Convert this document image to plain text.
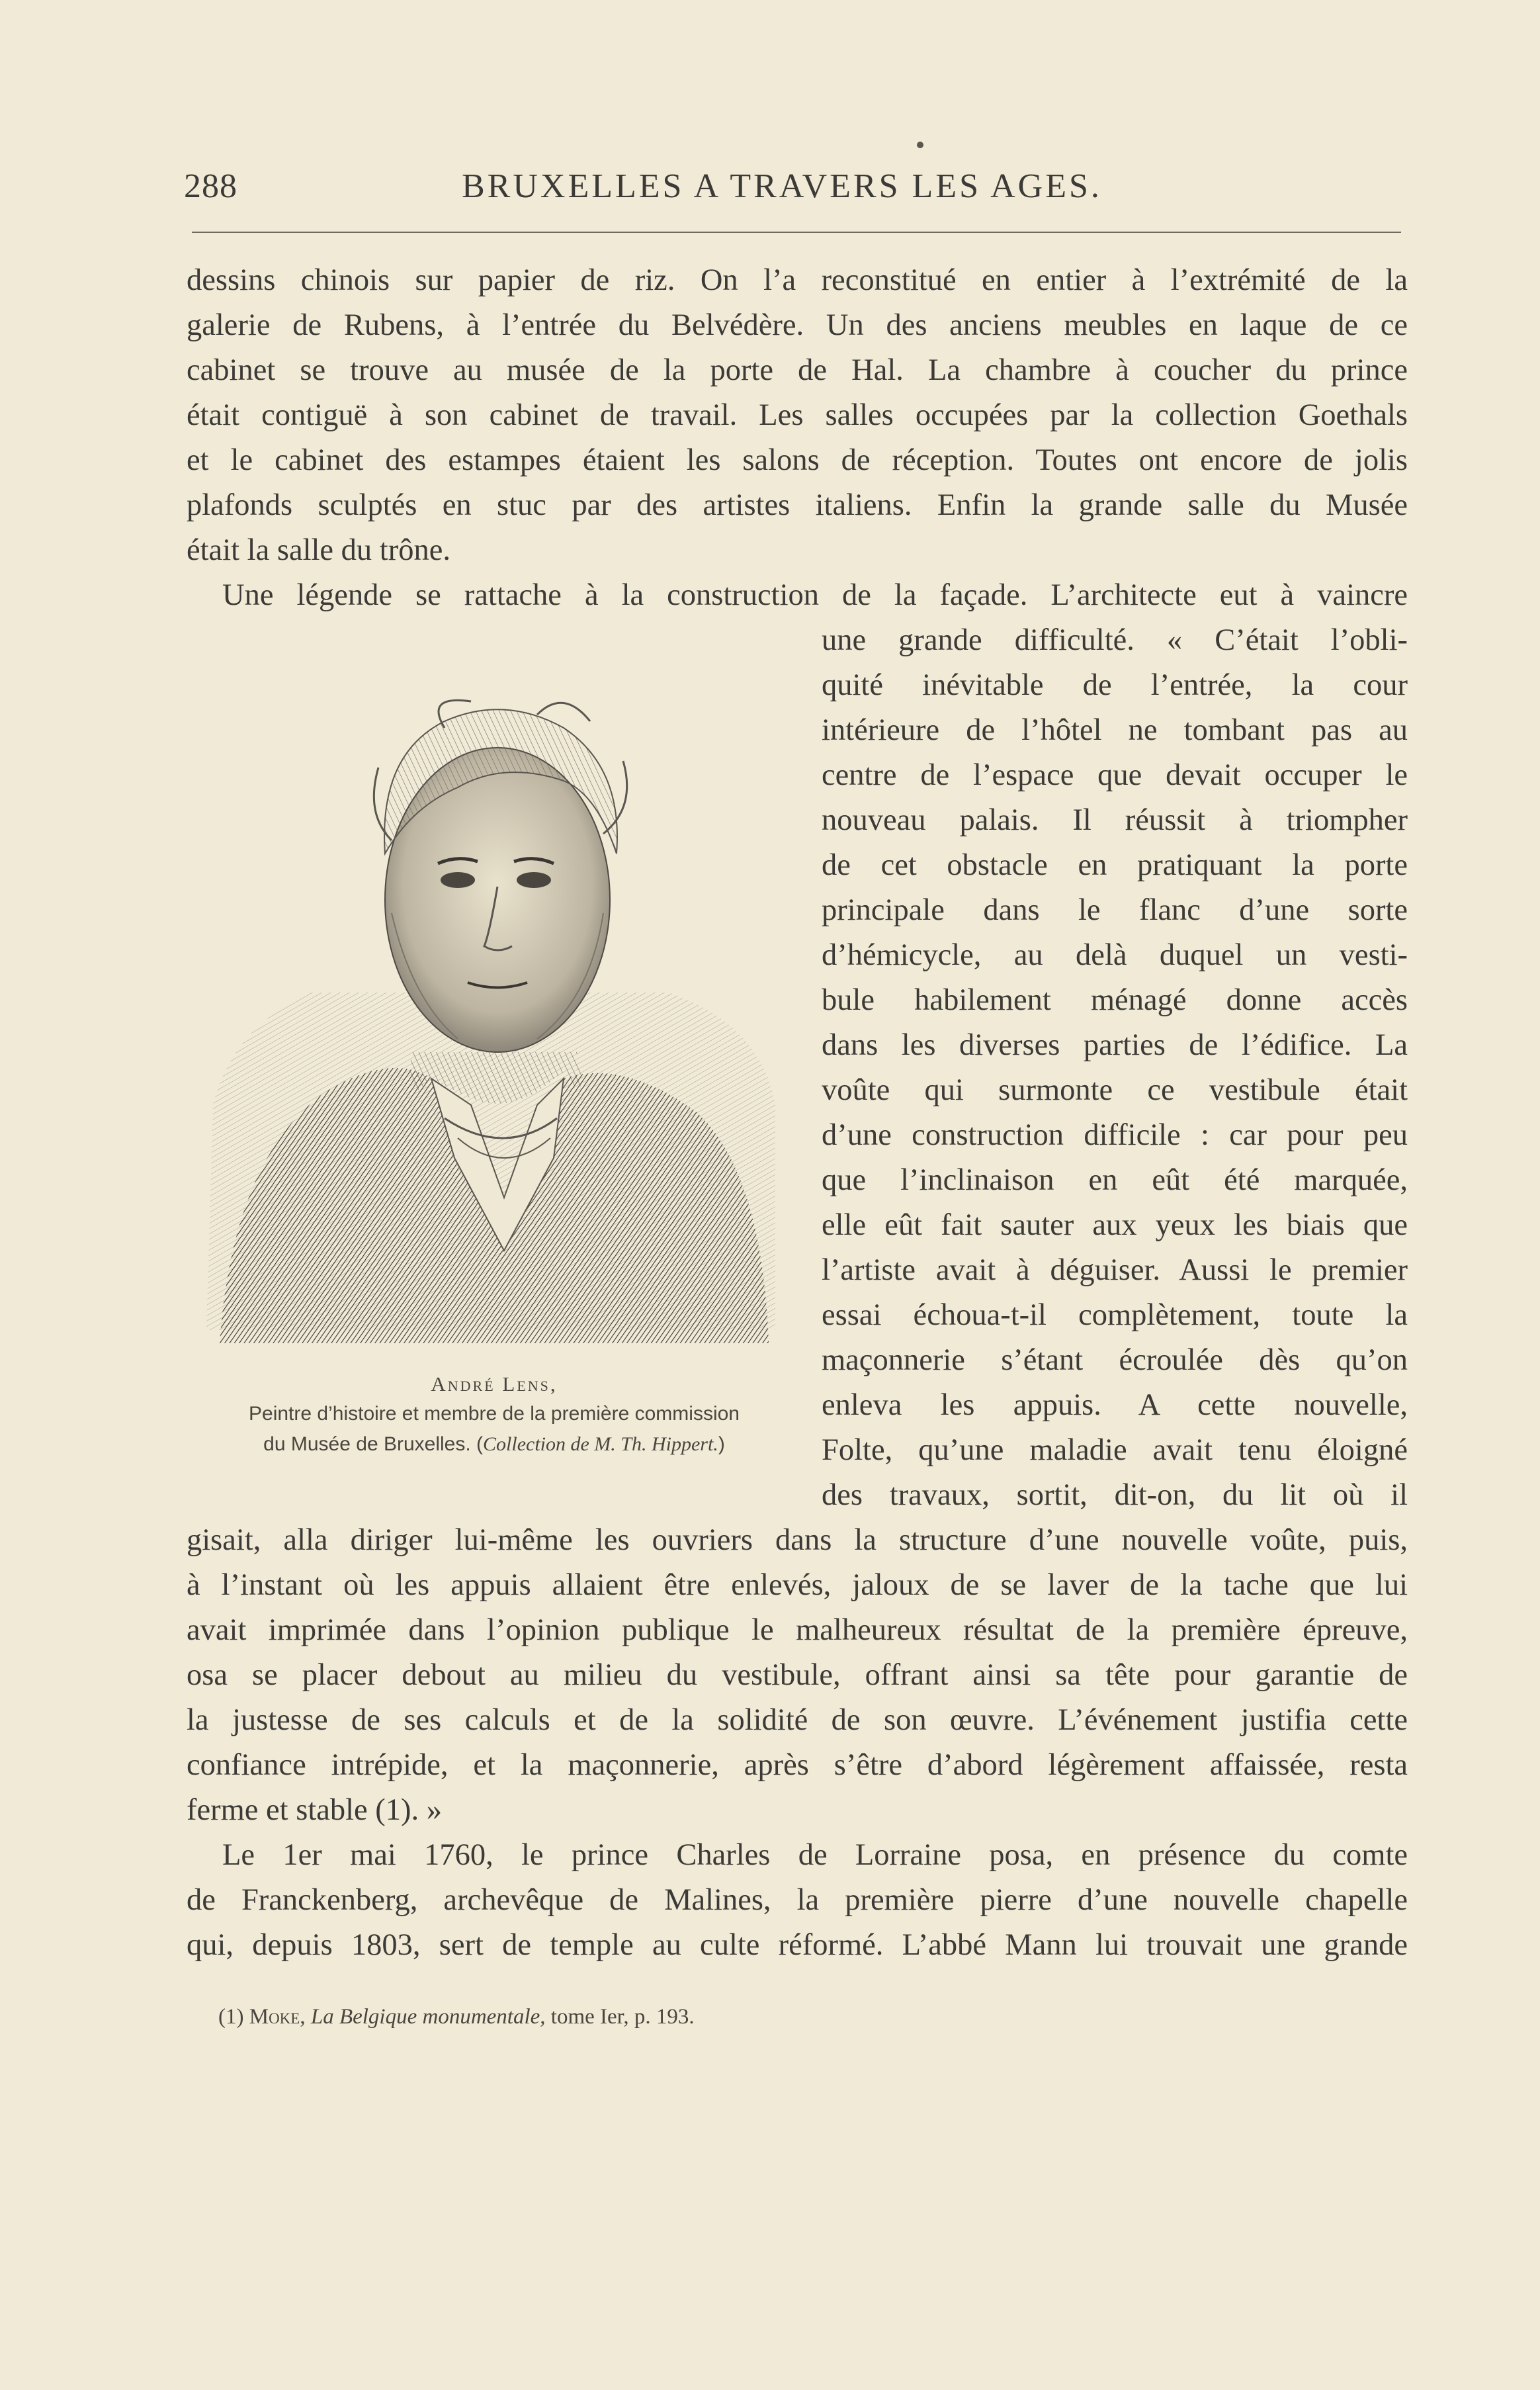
288	BRUXELLES A TRAVERS LES AGES.
dessins chinois sur papier de riz. On l’a reconstitué en entier à l’extrémité de la
galerie de Rubens, à l’entrée du Belvédère. Un des anciens meubles en laque de ce
cabinet se trouve au musée de la porte de Hal. La chambre à coucher du prince
était contiguë à son cabinet de travail. Les salles occupées par la collection Goethals
et le cabinet des estampes étaient les salons de réception. Toutes ont encore de jolis
plafonds sculptés en stuc par des artistes italiens. Enfin la grande salle du Musée
était la salle du trône.
Une légende se rattache à la construction de la façade. L’architecte eut à vaincre
une grande difficulté. « C’était l’obli-
quité inévitable de l’entrée, la cour
intérieure de l’hôtel ne tombant pas au
centre de l’espace que devait occuper le
nouveau palais. Il réussit à triompher
de cet obstacle en pratiquant la porte
principale dans le flanc d’une sorte
d’hémicycle, au delà duquel un vesti-
bule habilement ménagé donne accès
dans les diverses parties de l’édifice. La
voûte qui surmonte ce vestibule était
d’une construction difficile : car pour peu
que l’inclinaison en eût été marquée,
elle eût fait sauter aux yeux les biais que
l’artiste avait à déguiser. Aussi le premier
essai échoua-t-il complètement, toute la
maçonnerie s’étant écroulée dès qu’on
enleva les appuis. A cette nouvelle,
Folte, qu’une maladie avait tenu éloigné
des travaux, sortit, dit-on, du lit où il
gisait, alla diriger lui-même les ouvriers dans la structure d’une nouvelle voûte, puis,
à l’instant où les appuis allaient être enlevés, jaloux de se laver de la tache que lui
avait imprimée dans l’opinion publique le malheureux résultat de la première épreuve,
osa se placer debout au milieu du vestibule, offrant ainsi sa tête pour garantie de
la justesse de ses calculs et de la solidité de son œuvre. L’événement justifia cette
confiance intrépide, et la maçonnerie, après s’être d’abord légèrement affaissée, resta
ferme et stable (1). »
Le 1er mai 1760, le prince Charles de Lorraine posa, en présence du comte
de Franckenberg, archevêque de Malines, la première pierre d’une nouvelle chapelle
qui, depuis 1803, sert de temple au culte réformé. L’abbé Mann lui trouvait une grande
André Lens,
Peintre d’histoire et membre de la première commission
du Musée de Bruxelles. (Collection de M. Th. Hippert.)
(1) Moke, La Belgique monumentale, tome Ier, p. 193.
